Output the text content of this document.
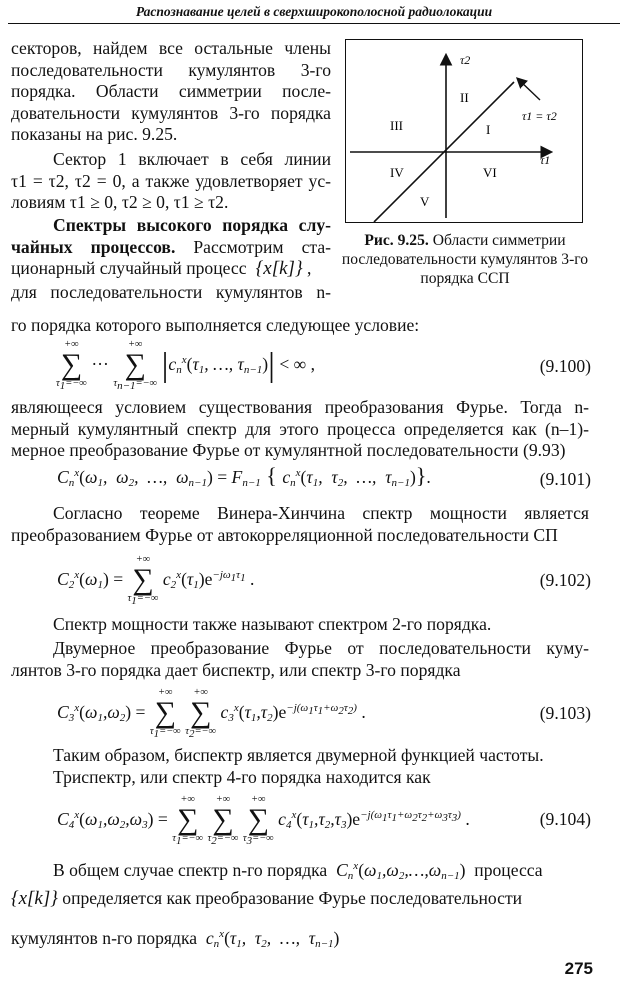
Распознавание целей в сверхширокополосной радиолокации
секторов, найдем все остальные члены
последовательности кумулянтов 3-го
порядка. Области симметрии после-
довательности кумулянтов 3-го порядка
показаны на рис. 9.25.
Сектор 1 включает в себя линии
τ1 = τ2, τ2 = 0, а также удовлетворяет ус-
ловиям τ1 ≥ 0, τ2 ≥ 0, τ1 ≥ τ2.
Спектры высокого порядка слу-
чайных процессов. Рассмотрим ста-
ционарный случайный процесс  {x[k]} ,
для последовательности кумулянтов n-
го порядка которого выполняется следующее условие:
τ2
τ1
τ1 = τ2
II
I
III
IV	VI
V
Рис. 9.25. Области симметрии последовательности кумулянтов 3-го порядка ССП
+∞
∑
$\tau_1=-\infty$
···
+∞
∑
$\tau_{n-1}=-\infty$ $|c_n^x(\tau_1$, …, $\tau_{n-1})|$ < ∞ ,	(9.100)
являющееся условием существования преобразования Фурье. Тогда n-
мерный кумулянтный спектр для этого процесса определяется как (n–1)-
мерное преобразование Фурье от кумулянтной последовательности (9.93)
$C_n^x(\omega_1$,  $\omega_2$,  …,  $\omega_{n-1}) = F_{n-1}$ { $c_n^x(\tau_1$,  $\tau_2$,  …,  $\tau_{n-1}$)}.	(9.101)
Согласно теореме Винера-Хинчина спектр мощности является
преобразованием Фурье от автокорреляционной последовательности СП
$C_2^x(\omega_1)$ =
+∞
∑
$\tau_1=-\infty$
$c_2^x(\tau_1)e^{-j\omega_1\tau_1}$ .	(9.102)
Спектр мощности также называют спектром 2-го порядка.
Двумерное преобразование Фурье от последовательности куму-
лянтов 3-го порядка дает биспектр, или спектр 3-го порядка
$C_3^x(\omega_1,\omega_2)$ =
+∞
∑
$\tau_1=-\infty$

+∞
∑
$\tau_2=-\infty$
$c_3^x(\tau_1,\tau_2)e^{-j(\omega_1\tau_1+\omega_2\tau_2)}$ .	(9.103)
Таким образом, биспектр является двумерной функцией частоты.
Триспектр, или спектр 4-го порядка находится как
$C_4^x(\omega_1,\omega_2,\omega_3)$ =
+∞
∑
$\tau_1=-\infty$

+∞
∑
$\tau_2=-\infty$

+∞
∑
$\tau_3=-\infty$
$c_4^x(\tau_1,\tau_2,\tau_3)e^{-j(\omega_1\tau_1+\omega_2\tau_2+\omega_3\tau_3)}$ .	(9.104)
В общем случае спектр n-го порядка  $C_n^x(\omega_1,\omega_2,\dots,\omega_{n-1})$ процесса
{x[k]} определяется как преобразование Фурье последовательности
кумулянтов n-го порядка  $c_n^x(\tau_1$,  $\tau_2$,  …,  $\tau_{n-1}$)
275
